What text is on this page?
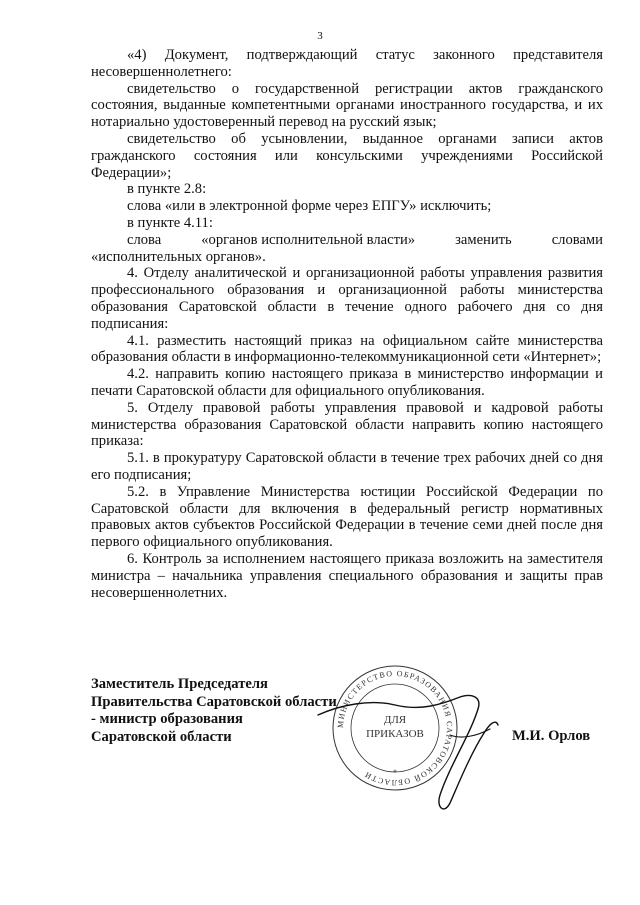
3

«4) Документ, подтверждающий статус законного представителя несовершеннолетнего:

свидетельство о государственной регистрации актов гражданского состояния, выданные компетентными органами иностранного государства, и их нотариально удостоверенный перевод на русский язык;

свидетельство об усыновлении, выданное органами записи актов гражданского состояния или консульскими учреждениями Российской Федерации»;

в пункте 2.8:

слова «или в электронной форме через ЕПГУ» исключить;

в пункте 4.11:

слова	«органов исполнительной власти»	заменить	словами

«исполнительных органов».

4. Отделу аналитической и организационной работы управления развития профессионального образования и организационной работы министерства образования Саратовской области в течение одного рабочего дня со дня подписания:

4.1. разместить настоящий приказ на официальном сайте министерства образования области в информационно-телекоммуникационной сети «Интернет»;

4.2. направить копию настоящего приказа в министерство информации и печати Саратовской области для официального опубликования.

5. Отделу правовой работы управления правовой и кадровой работы министерства образования Саратовской области направить копию настоящего приказа:

5.1. в прокуратуру Саратовской области в течение трех рабочих дней со дня его подписания;

5.2. в Управление Министерства юстиции Российской Федерации по Саратовской области для включения в федеральный регистр нормативных правовых актов субъектов Российской Федерации в течение семи дней после дня первого официального опубликования.

6. Контроль за исполнением настоящего приказа возложить на заместителя министра – начальника управления специального образования и защиты прав несовершеннолетних.

Заместитель Председателя
Правительства Саратовской области
- министр образования
Саратовской области	М.И. Орлов
МИНИСТЕРСТВО ОБРАЗОВАНИЯ САРАТОВСКОЙ ОБЛАСТИ
ДЛЯ
ПРИКАЗОВ
*
